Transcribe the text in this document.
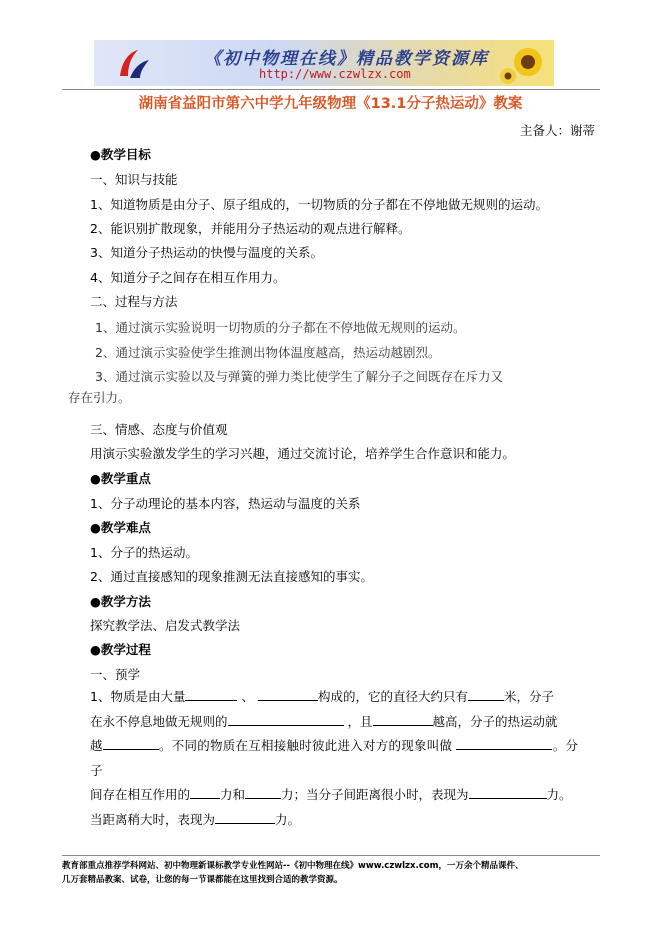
《初中物理在线》精品教学资源库
http://www.czwlzx.com
湖南省益阳市第六中学九年级物理《13.1分子热运动》教案
主备人：谢蒂
●教学目标
一、知识与技能
1、知道物质是由分子、原子组成的，一切物质的分子都在不停地做无规则的运动。
2、能识别扩散现象，并能用分子热运动的观点进行解释。
3、知道分子热运动的快慢与温度的关系。
4、知道分子之间存在相互作用力。
二、过程与方法
1、通过演示实验说明一切物质的分子都在不停地做无规则的运动。
2、通过演示实验使学生推测出物体温度越高，热运动越剧烈。
3、通过演示实验以及与弹簧的弹力类比使学生了解分子之间既存在斥力又
存在引力。
三、情感、态度与价值观
用演示实验激发学生的学习兴趣，通过交流讨论，培养学生合作意识和能力。
●教学重点
1、分子动理论的基本内容，热运动与温度的关系
●教学难点
1、分子的热运动。
2、通过直接感知的现象推测无法直接感知的事实。
●教学方法
探究教学法、启发式教学法
●教学过程
一、预学
1、物质是由大量	、	构成的，它的直径大约只有	米，分子
在永不停息地做无规则的	，且	越高，分子的热运动就
越	。不同的物质在互相接触时彼此进入对方的现象叫做	。分子
间存在相互作用的 力和	力；当分子间距离很小时，表现为	力。
当距离稍大时，表现为	力。
教育部重点推荐学科网站、初中物理新课标教学专业性网站--《初中物理在线》www.czwlzx.com，一万余个精品课件、
几万套精品教案、试卷，让您的每一节课都能在这里找到合适的教学资源。
